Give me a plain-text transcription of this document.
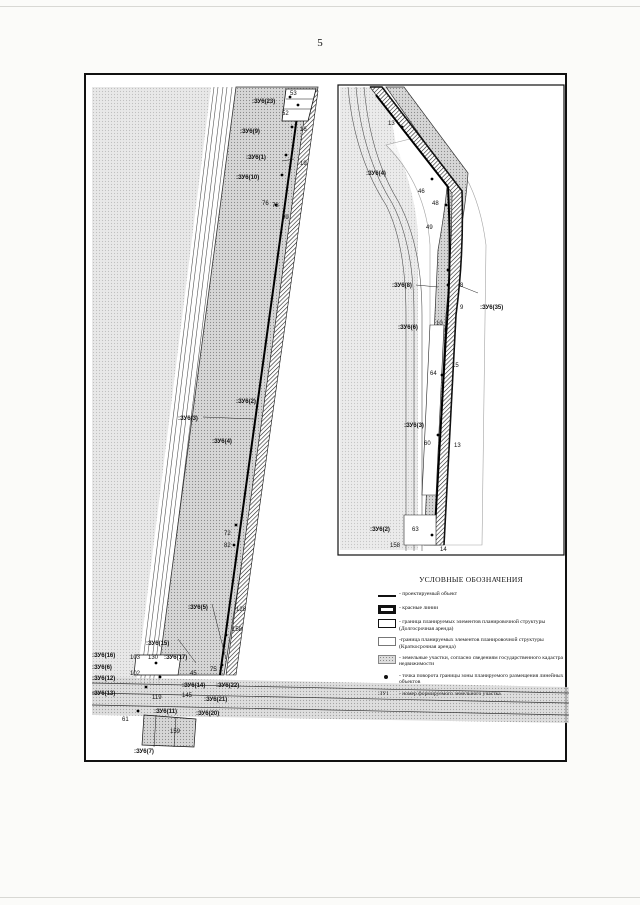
5
:ЗУ6(23)
53
52
:ЗУ6(9)	16
:ЗУ6(1)
19
:ЗУ6(10)
76 78
99
:ЗУ6(2)
:ЗУ6(3)
:ЗУ6(4)
72
82
:ЗУ6(5)	128
158
:ЗУ6(15)
:ЗУ6(16) 103 130 :ЗУ6(17)
:ЗУ6(6)
102
75
:ЗУ6(12)
45
:ЗУ6(14)
:ЗУ6(13)	145
119
:ЗУ6(11)
:ЗУ6(21)
:ЗУ6(20)
61
159
:ЗУ6(7)
:ЗУ6(22)
:ЗУ6(4)
13
46
48
49
:ЗУ6(8)	8
9	:ЗУ6(35)
:ЗУ6(6)
10
64
15
:ЗУ6(3)
60	13
:ЗУ6(2)	63
158
14
УСЛОВНЫЕ ОБОЗНАЧЕНИЯ
- проектируемый объект
- красные линии
- граница планируемых элементов планировочной структуры (Долгосрочная аренда)
-граница планируемых элементов планировочной структуры (Краткосрочная аренда)
- земельные участки, согласно сведениям государственного кадастра недвижимости
- точка поворота границы зоны планируемого размещения линейных объектов
:ЗУ1	- номер формируемого земельного участка
